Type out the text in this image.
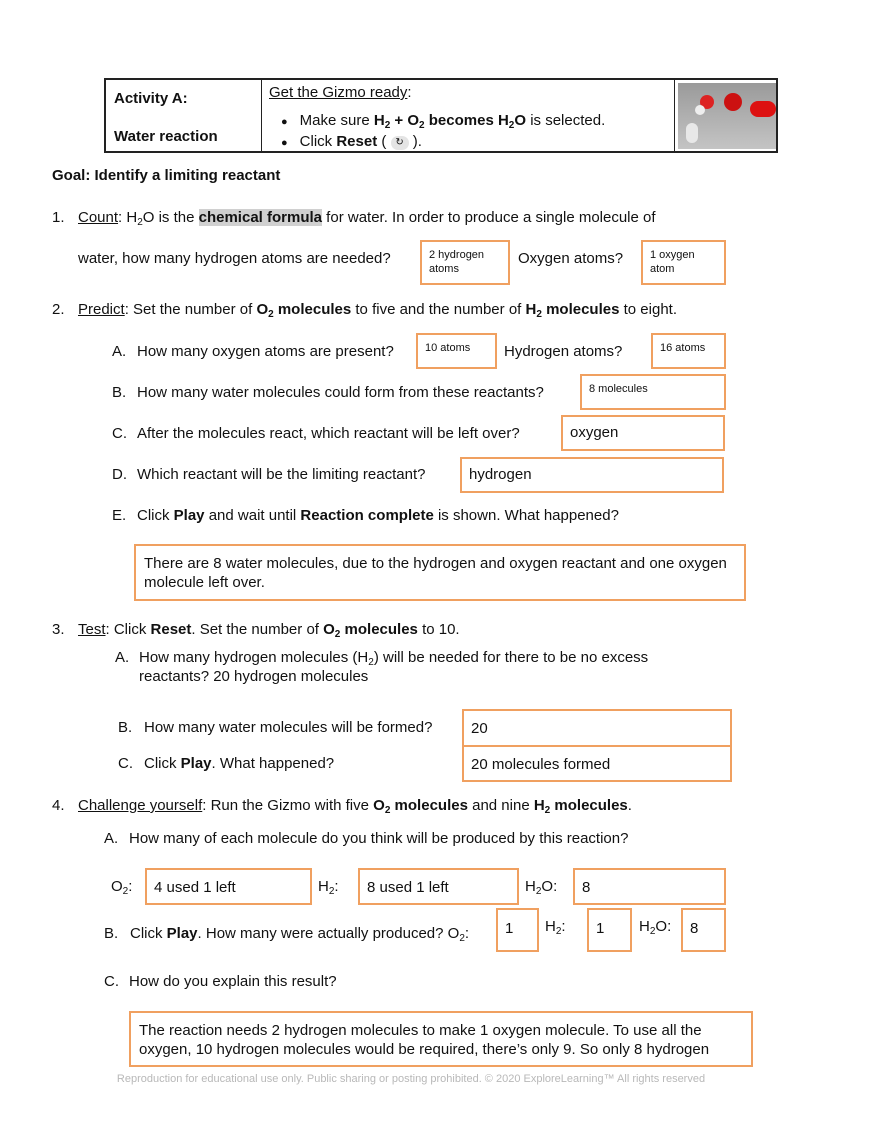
Activity A:
Water reaction
Get the Gizmo ready:
● Make sure $H_2 + O_2$ becomes $H_2O$ is selected.
● Click Reset ( ↻ ).
Goal: Identify a limiting reactant
1. Count: $H_2O$ is the chemical formula for water. In order to produce a single molecule of
water, how many hydrogen atoms are needed?	2 hydrogen atoms
Oxygen atoms?	1 oxygen atom
2. Predict: Set the number of $O_2$ molecules to five and the number of $H_2$ molecules to eight.
A. How many oxygen atoms are present?	10 atoms	Hydrogen atoms?	16 atoms
B. How many water molecules could form from these reactants?	8 molecules
C. After the molecules react, which reactant will be left over?	oxygen
D. Which reactant will be the limiting reactant?	hydrogen
E. Click Play and wait until Reaction complete is shown. What happened?
There are 8 water molecules, due to the hydrogen and oxygen reactant and one oxygen molecule left over.
3. Test: Click Reset. Set the number of $O_2$ molecules to 10.
A. How many hydrogen molecules $(H_2)$ will be needed for there to be no excess
reactants? 20 hydrogen molecules
B. How many water molecules will be formed?	20
C. Click Play. What happened?	20 molecules formed
4. Challenge yourself: Run the Gizmo with five $O_2$ molecules and nine $H_2$ molecules.
A. How many of each molecule do you think will be produced by this reaction?
$O_2$:	4 used 1 left	$H_2$:	8 used 1 left	$H_2O$:	8
B. Click Play. How many were actually produced? $O_2$:	1	$H_2$:	1	$H_2O$:	8
C. How do you explain this result?
The reaction needs 2 hydrogen molecules to make 1 oxygen molecule. To use all the oxygen, 10 hydrogen molecules would be required, there’s only 9. So only 8 hydrogen
Reproduction for educational use only. Public sharing or posting prohibited. © 2020 ExploreLearning™ All rights reserved
